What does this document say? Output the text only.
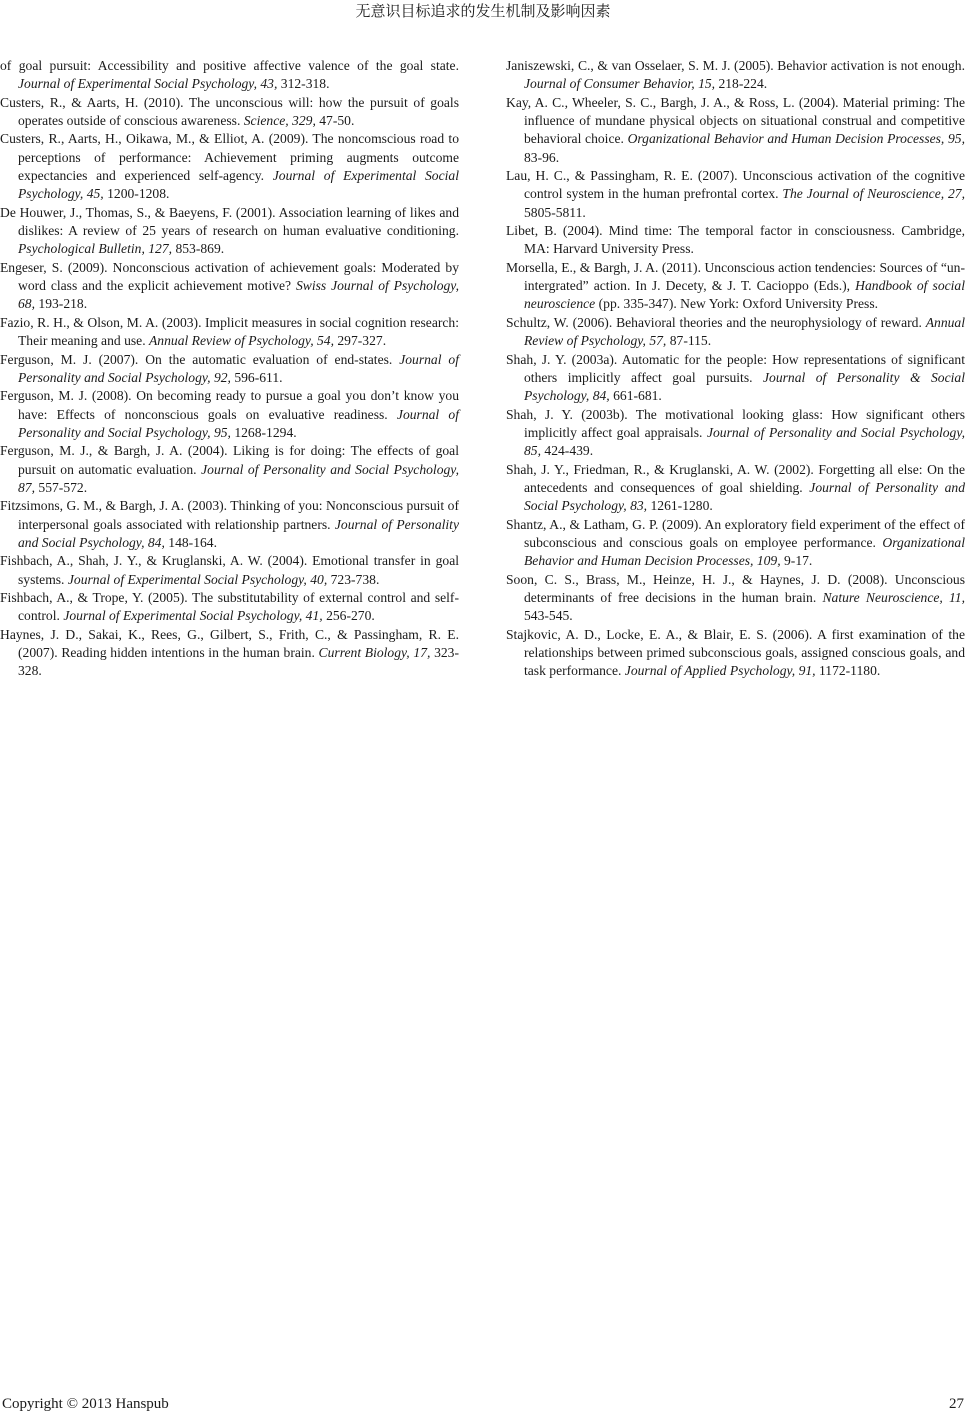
无意识目标追求的发生机制及影响因素

of goal pursuit: Accessibility and positive affective valence of the goal state. Journal of Experimental Social Psychology, 43, 312-318.

Custers, R., & Aarts, H. (2010). The unconscious will: how the pursuit of goals operates outside of conscious awareness. Science, 329, 47-50.

Custers, R., Aarts, H., Oikawa, M., & Elliot, A. (2009). The noncomscious road to perceptions of performance: Achievement priming augments outcome expectancies and experienced self-agency. Journal of Experimental Social Psychology, 45, 1200-1208.

De Houwer, J., Thomas, S., & Baeyens, F. (2001). Association learning of likes and dislikes: A review of 25 years of research on human evaluative conditioning. Psychological Bulletin, 127, 853-869.

Engeser, S. (2009). Nonconscious activation of achievement goals: Moderated by word class and the explicit achievement motive? Swiss Journal of Psychology, 68, 193-218.

Fazio, R. H., & Olson, M. A. (2003). Implicit measures in social cognition research: Their meaning and use. Annual Review of Psychology, 54, 297-327.

Ferguson, M. J. (2007). On the automatic evaluation of end-states. Journal of Personality and Social Psychology, 92, 596-611.

Ferguson, M. J. (2008). On becoming ready to pursue a goal you don’t know you have: Effects of nonconscious goals on evaluative readiness. Journal of Personality and Social Psychology, 95, 1268-1294.

Ferguson, M. J., & Bargh, J. A. (2004). Liking is for doing: The effects of goal pursuit on automatic evaluation. Journal of Personality and Social Psychology, 87, 557-572.

Fitzsimons, G. M., & Bargh, J. A. (2003). Thinking of you: Nonconscious pursuit of interpersonal goals associated with relationship partners. Journal of Personality and Social Psychology, 84, 148-164.

Fishbach, A., Shah, J. Y., & Kruglanski, A. W. (2004). Emotional transfer in goal systems. Journal of Experimental Social Psychology, 40, 723-738.

Fishbach, A., & Trope, Y. (2005). The substitutability of external control and self-control. Journal of Experimental Social Psychology, 41, 256-270.

Haynes, J. D., Sakai, K., Rees, G., Gilbert, S., Frith, C., & Passingham, R. E. (2007). Reading hidden intentions in the human brain. Current Biology, 17, 323-328.

Janiszewski, C., & van Osselaer, S. M. J. (2005). Behavior activation is not enough. Journal of Consumer Behavior, 15, 218-224.

Kay, A. C., Wheeler, S. C., Bargh, J. A., & Ross, L. (2004). Material priming: The influence of mundane physical objects on situational construal and competitive behavioral choice. Organizational Behavior and Human Decision Processes, 95, 83-96.

Lau, H. C., & Passingham, R. E. (2007). Unconscious activation of the cognitive control system in the human prefrontal cortex. The Journal of Neuroscience, 27, 5805-5811.

Libet, B. (2004). Mind time: The temporal factor in consciousness. Cambridge, MA: Harvard University Press.

Morsella, E., & Bargh, J. A. (2011). Unconscious action tendencies: Sources of “un-intergrated” action. In J. Decety, & J. T. Cacioppo (Eds.), Handbook of social neuroscience (pp. 335-347). New York: Oxford University Press.

Schultz, W. (2006). Behavioral theories and the neurophysiology of reward. Annual Review of Psychology, 57, 87-115.

Shah, J. Y. (2003a). Automatic for the people: How representations of significant others implicitly affect goal pursuits. Journal of Personality & Social Psychology, 84, 661-681.

Shah, J. Y. (2003b). The motivational looking glass: How significant others implicitly affect goal appraisals. Journal of Personality and Social Psychology, 85, 424-439.

Shah, J. Y., Friedman, R., & Kruglanski, A. W. (2002). Forgetting all else: On the antecedents and consequences of goal shielding. Journal of Personality and Social Psychology, 83, 1261-1280.

Shantz, A., & Latham, G. P. (2009). An exploratory field experiment of the effect of subconscious and conscious goals on employee performance. Organizational Behavior and Human Decision Processes, 109, 9-17.

Soon, C. S., Brass, M., Heinze, H. J., & Haynes, J. D. (2008). Unconscious determinants of free decisions in the human brain. Nature Neuroscience, 11, 543-545.

Stajkovic, A. D., Locke, E. A., & Blair, E. S. (2006). A first examination of the relationships between primed subconscious goals, assigned conscious goals, and task performance. Journal of Applied Psychology, 91, 1172-1180.

Copyright © 2013 Hanspub	27
